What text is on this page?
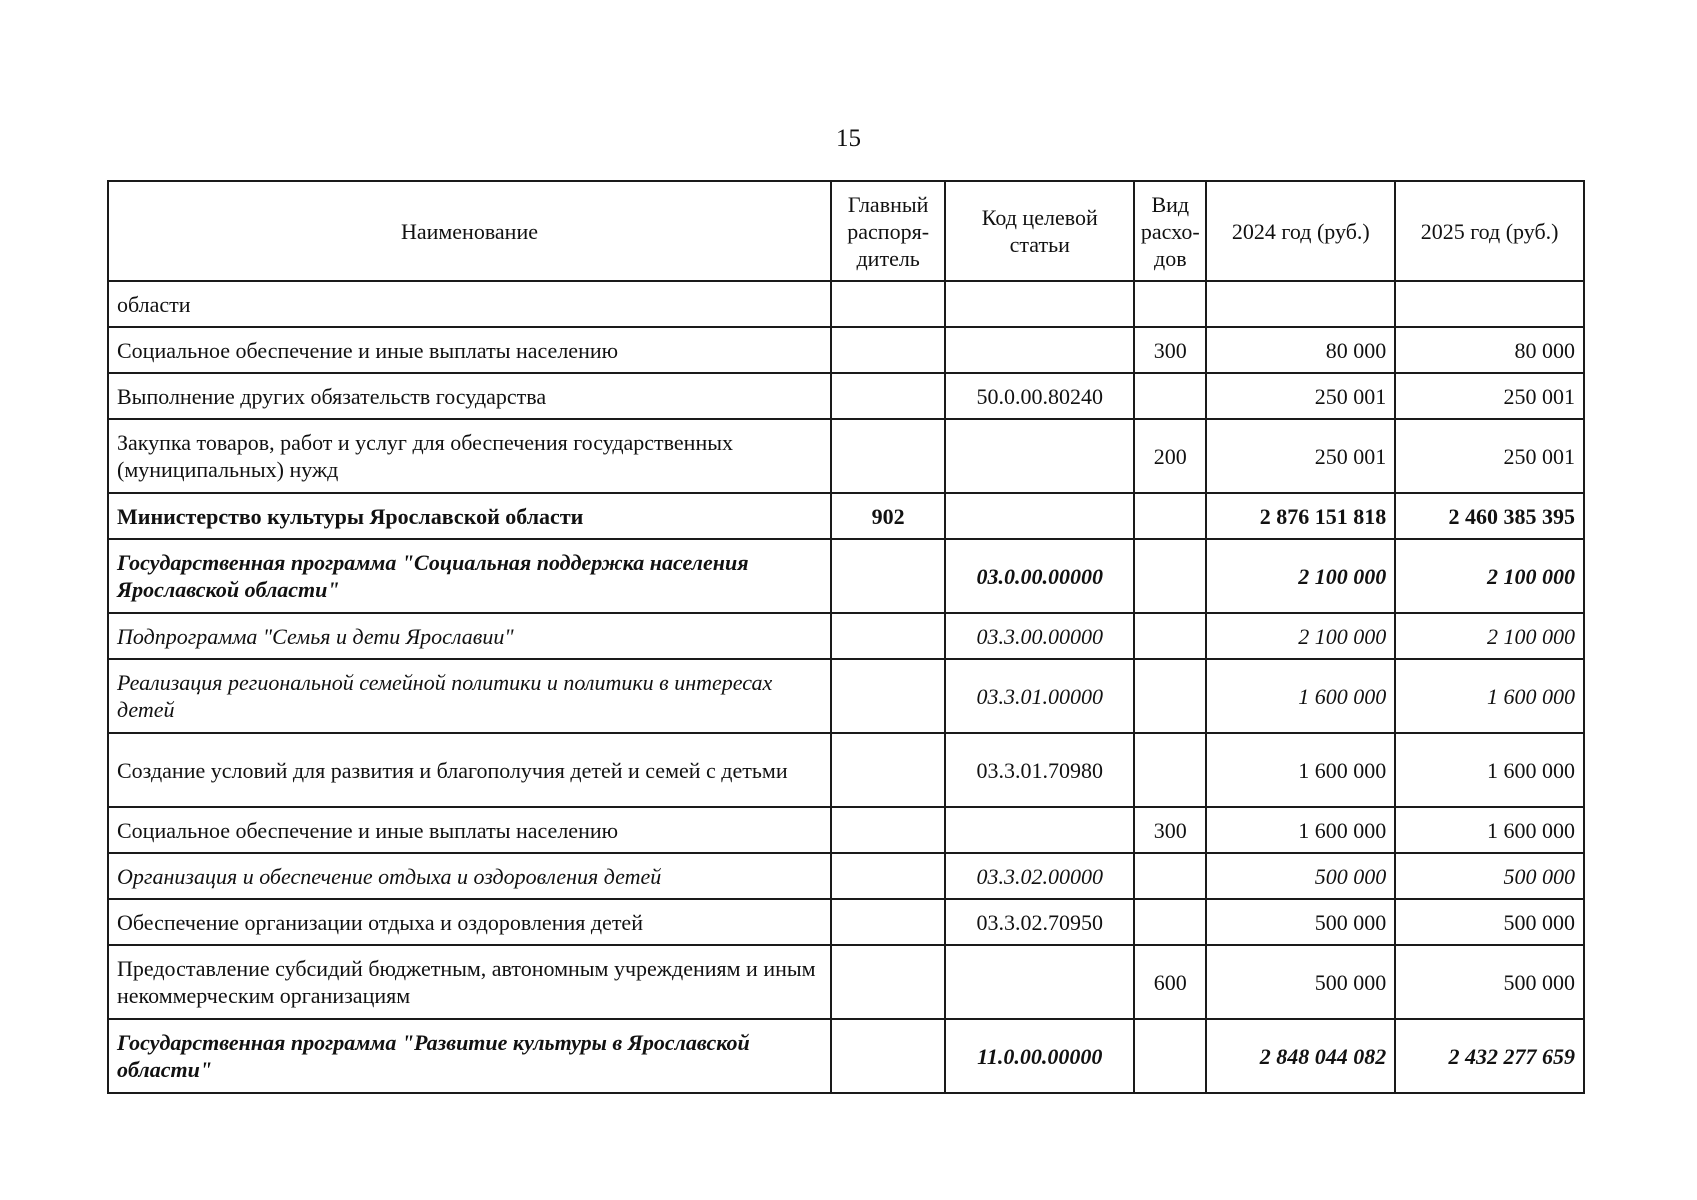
15
Наименование	Главный распоря-дитель	Код целевой статьи	Вид расхо-дов	2024 год (руб.)	2025 год (руб.)
области					
Социальное обеспечение и иные выплаты населению			300	80 000	80 000
Выполнение других обязательств государства		50.0.00.80240		250 001	250 001
Закупка товаров, работ и услуг для обеспечения государственных (муниципальных) нужд			200	250 001	250 001
Министерство культуры Ярославской области	902			2 876 151 818	2 460 385 395
Государственная программа "Социальная поддержка населения Ярославской области"		03.0.00.00000		2 100 000	2 100 000
Подпрограмма "Семья и дети Ярославии"		03.3.00.00000		2 100 000	2 100 000
Реализация региональной семейной политики и политики в интересах детей		03.3.01.00000		1 600 000	1 600 000
Создание условий для развития и благополучия детей и семей с детьми		03.3.01.70980		1 600 000	1 600 000
Социальное обеспечение и иные выплаты населению			300	1 600 000	1 600 000
Организация и обеспечение отдыха и оздоровления детей		03.3.02.00000		500 000	500 000
Обеспечение организации отдыха и оздоровления детей		03.3.02.70950		500 000	500 000
Предоставление субсидий бюджетным, автономным учреждениям и иным некоммерческим организациям			600	500 000	500 000
Государственная программа "Развитие культуры в Ярославской области"		11.0.00.00000		2 848 044 082	2 432 277 659
